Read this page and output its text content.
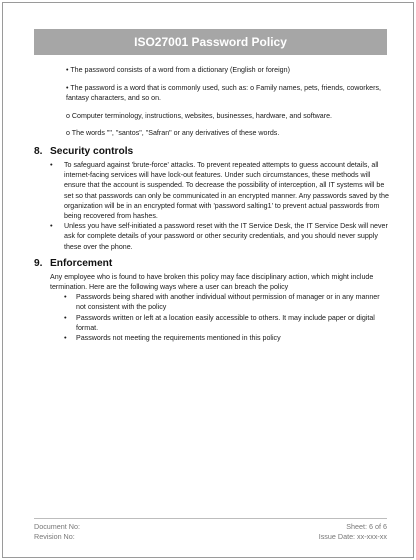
ISO27001 Password Policy
• The password consists of a word from a dictionary (English or foreign)
• The password is a word that is commonly used, such as: o Family names, pets, friends, coworkers, fantasy characters, and so on.
o Computer terminology, instructions, websites, businesses, hardware, and software.
o The words "", "santos", "Safran" or any derivatives of these words.
8. Security controls
• To safeguard against 'brute-force' attacks. To prevent repeated attempts to guess account details, all internet-facing services will have lock-out features. Under such circumstances, these methods will ensure that the account is suspended. To decrease the possibility of interception, all IT systems will be set so that passwords can only be communicated in an encrypted manner. Any passwords saved by the organization will be in an encrypted format with 'password salting1' to prevent actual passwords from being recovered from hashes.
• Unless you have self-initiated a password reset with the IT Service Desk, the IT Service Desk will never ask for complete details of your password or other security credentials, and you should never supply these over the phone.
9. Enforcement
Any employee who is found to have broken this policy may face disciplinary action, which might include termination. Here are the following ways where a user can breach the policy
• Passwords being shared with another individual without permission of manager or in any manner not consistent with the policy
• Passwords written or left at a location easily accessible to others. It may include paper or digital format.
• Passwords not meeting the requirements mentioned in this policy
Document No:	Sheet: 6 of 6
Revision No:	Issue Date: xx-xxx-xx
